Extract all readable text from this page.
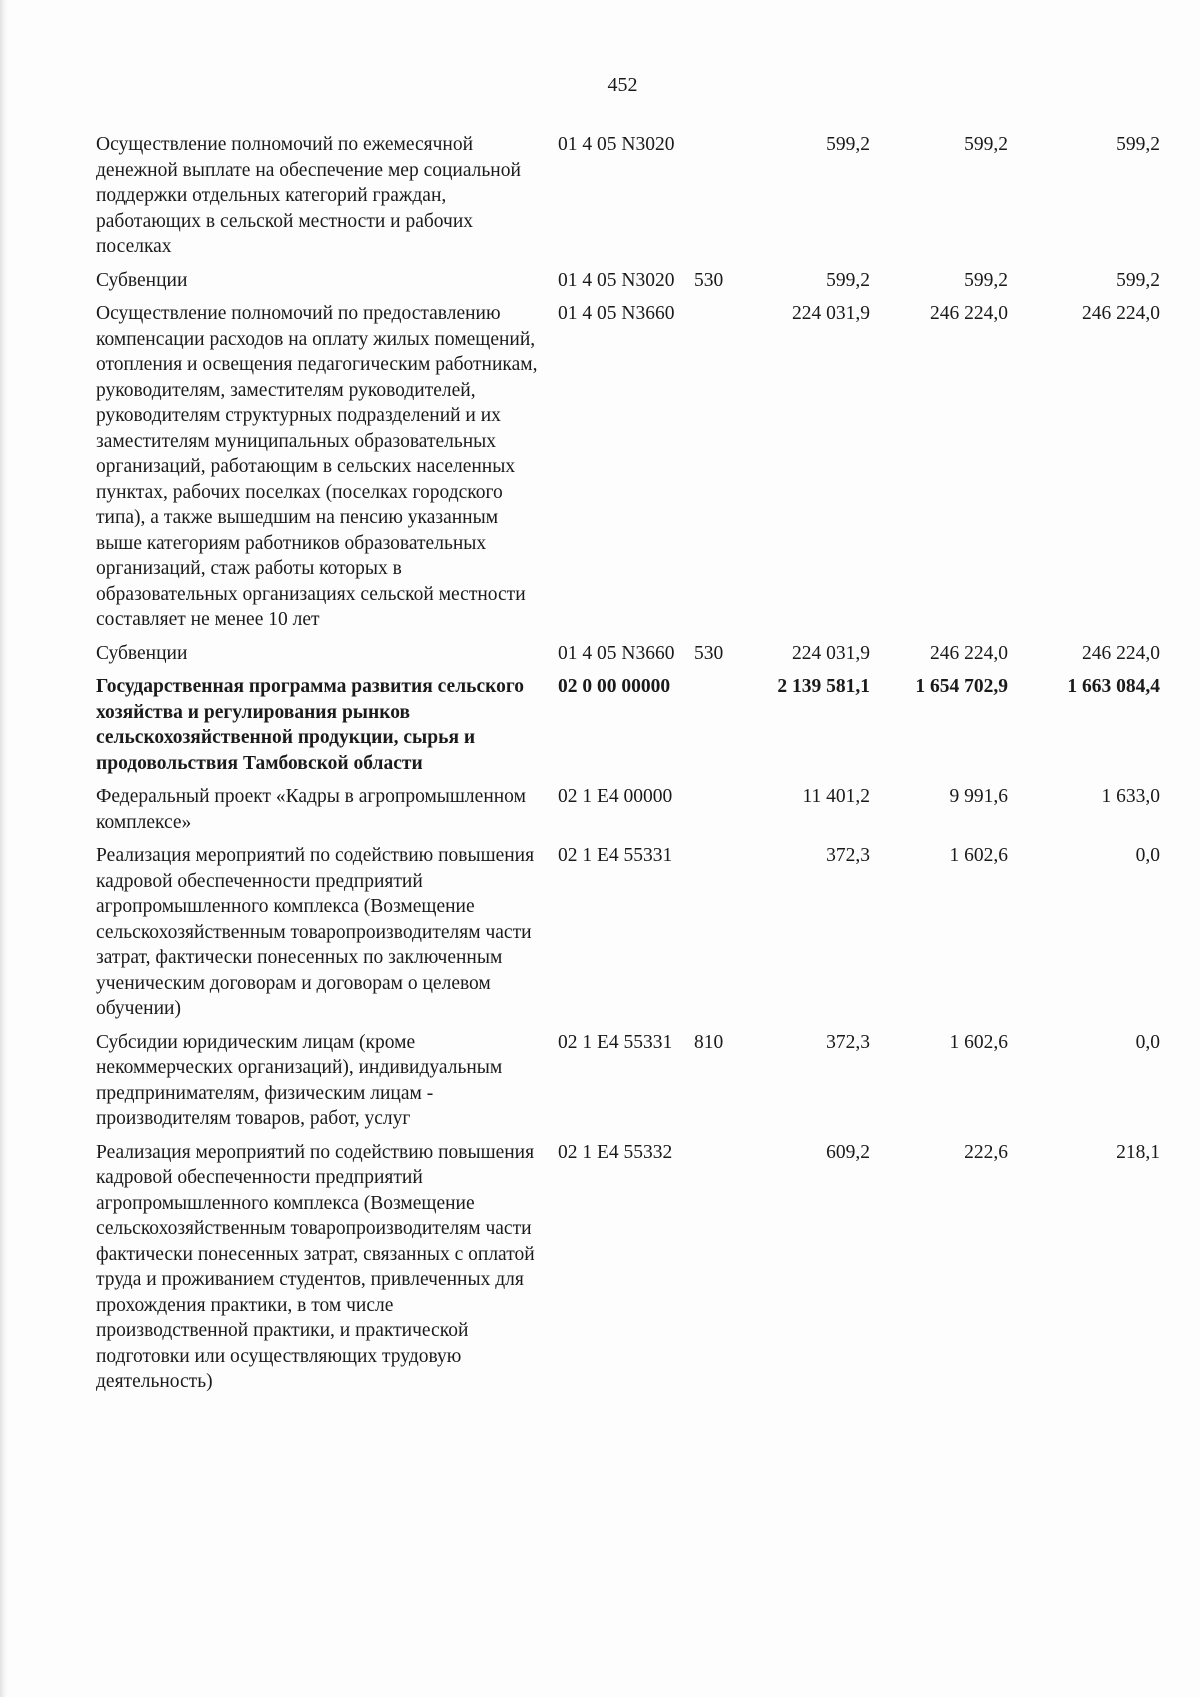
452
Осуществление полномочий по ежемесячной денежной выплате на обеспечение мер социальной поддержки отдельных категорий граждан, работающих в сельской местности и рабочих поселках	01 4 05 N3020		599,2	599,2	599,2
Субвенции	01 4 05 N3020	530	599,2	599,2	599,2
Осуществление полномочий по предоставлению компенсации расходов на оплату жилых помещений, отопления и освещения педагогическим работникам, руководителям, заместителям руководителей, руководителям структурных подразделений и их заместителям муниципальных образовательных организаций, работающим в сельских населенных пунктах, рабочих поселках (поселках городского типа), а также вышедшим на пенсию указанным выше категориям работников образовательных организаций, стаж работы которых в образовательных организациях сельской местности составляет не менее 10 лет	01 4 05 N3660		224 031,9	246 224,0	246 224,0
Субвенции	01 4 05 N3660	530	224 031,9	246 224,0	246 224,0
Государственная программа развития сельского хозяйства и регулирования рынков сельскохозяйственной продукции, сырья и продовольствия Тамбовской области	02 0 00 00000		2 139 581,1	1 654 702,9	1 663 084,4
Федеральный проект «Кадры в агропромышленном комплексе»	02 1 Е4 00000		11 401,2	9 991,6	1 633,0
Реализация мероприятий по содействию повышения кадровой обеспеченности предприятий агропромышленного комплекса (Возмещение сельскохозяйственным товаропроизводителям части затрат, фактически понесенных по заключенным ученическим договорам и договорам о целевом обучении)	02 1 Е4 55331		372,3	1 602,6	0,0
Субсидии юридическим лицам (кроме некоммерческих организаций), индивидуальным предпринимателям, физическим лицам - производителям товаров, работ, услуг	02 1 Е4 55331	810	372,3	1 602,6	0,0
Реализация мероприятий по содействию повышения кадровой обеспеченности предприятий агропромышленного комплекса (Возмещение сельскохозяйственным товаропроизводителям части фактически понесенных затрат, связанных с оплатой труда и проживанием студентов, привлеченных для прохождения практики, в том числе производственной практики, и практической подготовки или осуществляющих трудовую деятельность)	02 1 Е4 55332		609,2	222,6	218,1
